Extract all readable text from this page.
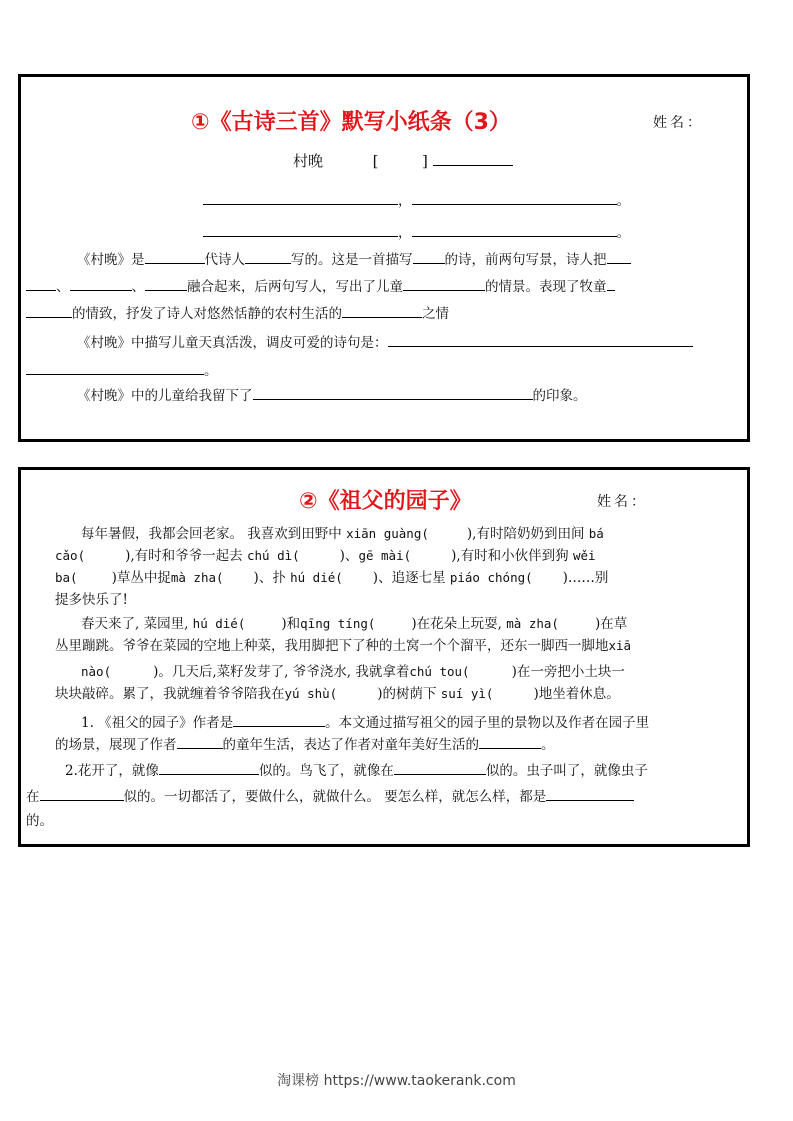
①《古诗三首》默写小纸条（3）	姓名：
村晚	[	]
，	。
，	。
《村晚》是	代诗人	写的。这是一首描写 的诗，前两句写景，诗人把
、	、	融合起来，后两句写人，写出了儿童	的情景。表现了牧童
的情致，抒发了诗人对悠然恬静的农村生活的	之情
《村晚》中描写儿童天真活泼，调皮可爱的诗句是：
。
《村晚》中的儿童给我留下了	的印象。
②《祖父的园子》	姓名：
每年暑假，我都会回老家。 我喜欢到田野中 xiān guàng(	),有时陪奶奶到田间 bá
cǎo(	),有时和爷爷一起去 chú dì(	)、gē mài(	),有时和小伙伴到狗 wěi
ba(	)草丛中捉mà zha( )、扑 hú dié( )、追逐七星 piáo chóng( )……别
提多快乐了!
春天来了, 菜园里, hú dié(	)和qīng tíng(	)在花朵上玩耍, mà zha(	)在草
丛里蹦跳。爷爷在菜园的空地上种菜，我用脚把下了种的土窝一个个溜平，还东一脚西一脚地xiā
nào(	)。几天后,菜籽发芽了, 爷爷浇水, 我就拿着chú tou(	)在一旁把小土块一
块块敲碎。累了，我就缠着爷爷陪我在yú shù(	)的树荫下 suí yì(	)地坐着休息。
1. 《祖父的园子》作者是	。本文通过描写祖父的园子里的景物以及作者在园子里
的场景，展现了作者	的童年生活，表达了作者对童年美好生活的	。
2.花开了，就像	似的。鸟飞了，就像在	似的。虫子叫了，就像虫子
在	似的。一切都活了，要做什么，就做什么。 要怎么样，就怎么样，都是
的。
淘课榜 https://www.taokerank.com
